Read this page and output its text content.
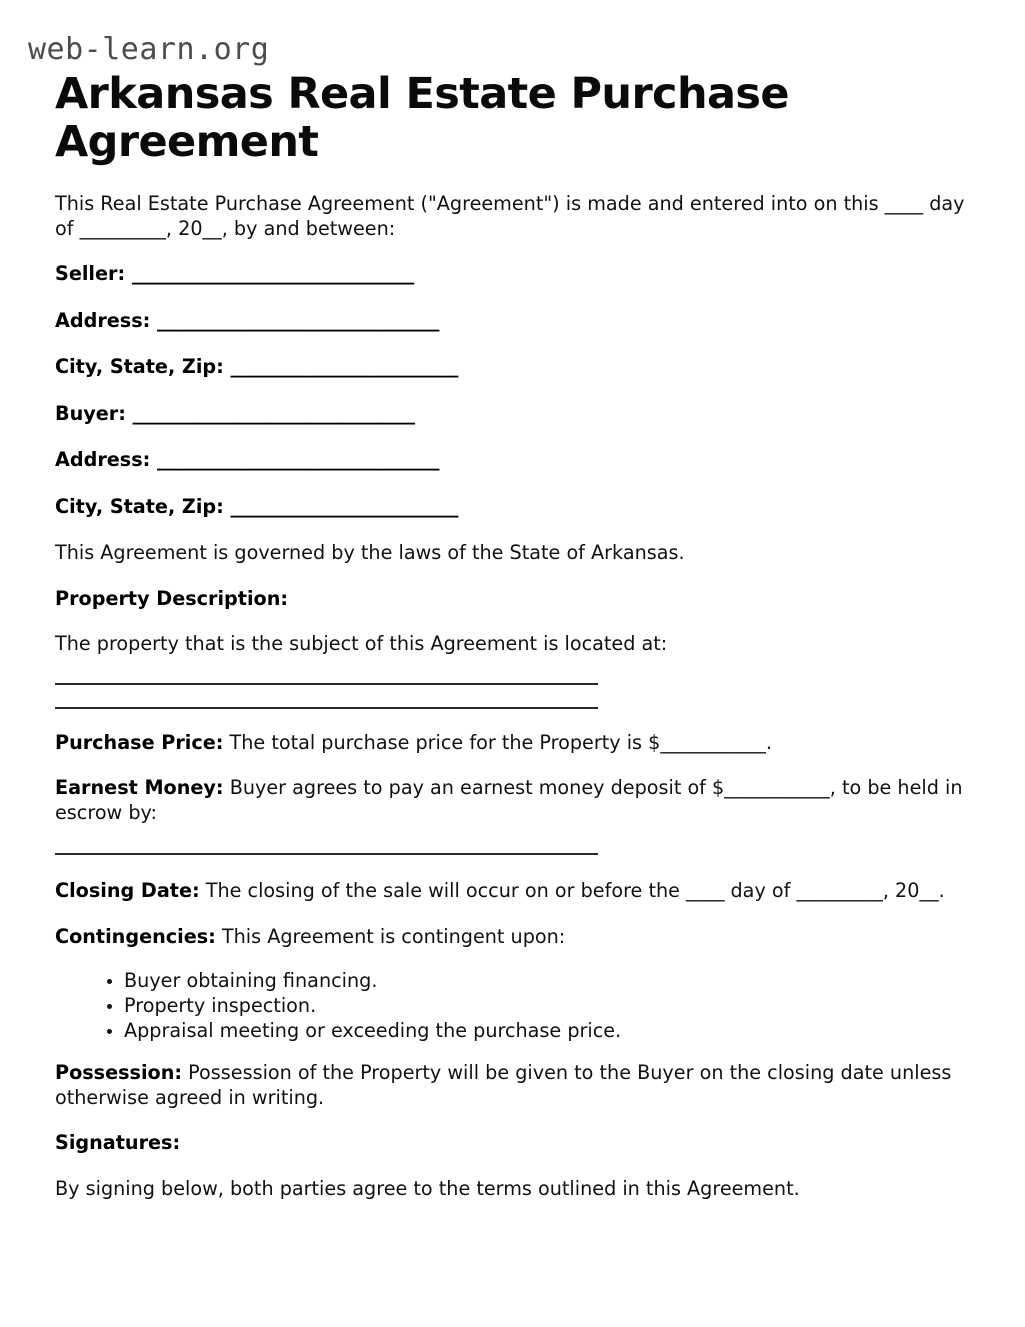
web-learn.org
Arkansas Real Estate Purchase Agreement

This Real Estate Purchase Agreement ("Agreement") is made and entered into on this ____ day of _________, 20__, by and between:

Seller: _______________________________
Address: _______________________________
City, State, Zip: _________________________
Buyer: _______________________________
Address: _______________________________
City, State, Zip: _________________________

This Agreement is governed by the laws of the State of Arkansas.

Property Description:

The property that is the subject of this Agreement is located at:

Purchase Price: The total purchase price for the Property is $___________.

Earnest Money: Buyer agrees to pay an earnest money deposit of $___________, to be held in escrow by:

Closing Date: The closing of the sale will occur on or before the ____ day of _________, 20__.

Contingencies: This Agreement is contingent upon:

Buyer obtaining financing.
Property inspection.
Appraisal meeting or exceeding the purchase price.

Possession: Possession of the Property will be given to the Buyer on the closing date unless otherwise agreed in writing.

Signatures:

By signing below, both parties agree to the terms outlined in this Agreement.
